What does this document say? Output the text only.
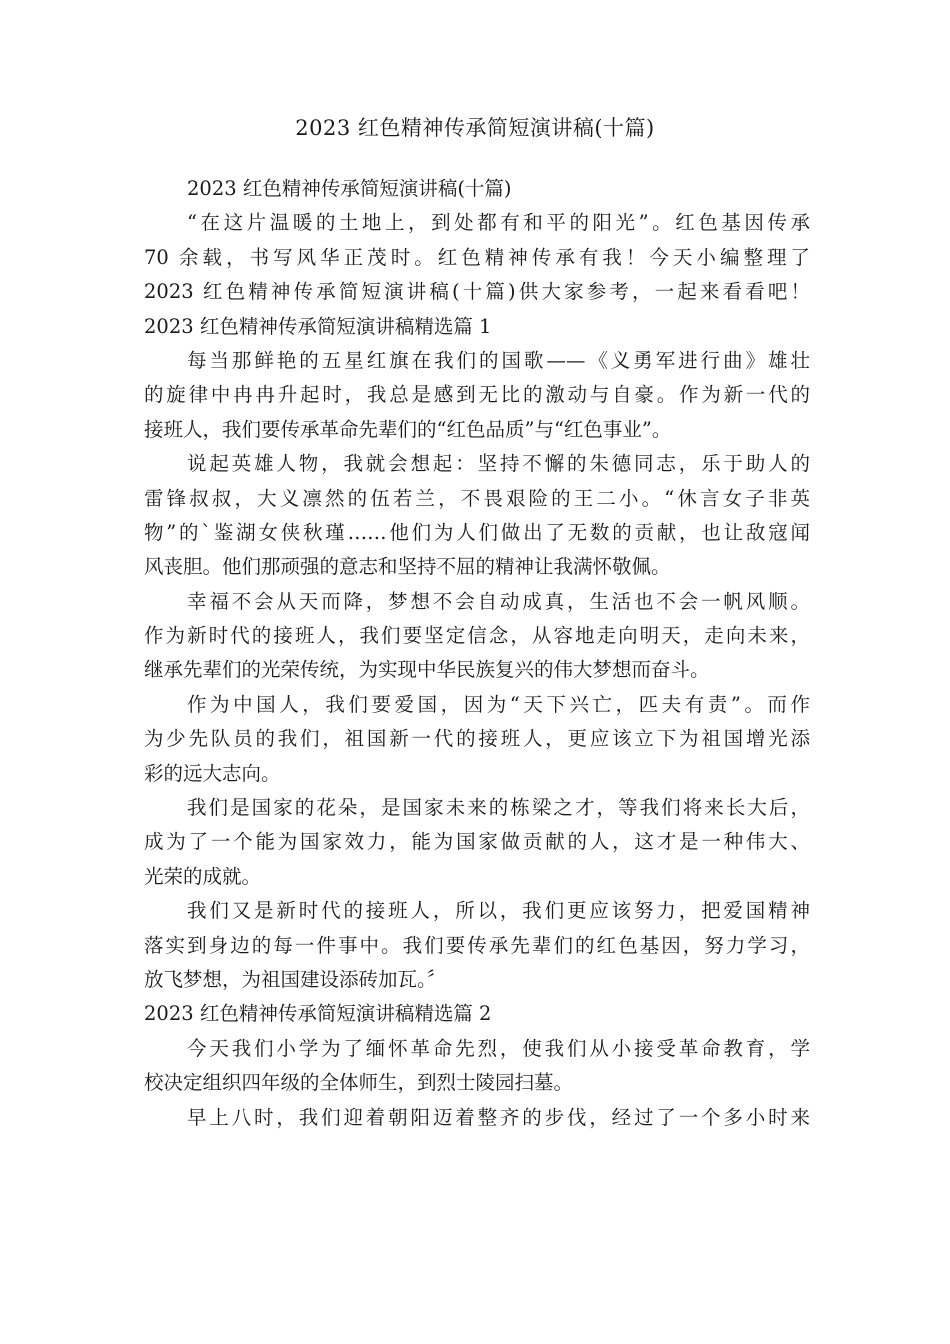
2023 红色精神传承简短演讲稿(十篇)
2023 红色精神传承简短演讲稿(十篇)
“在这片温暖的土地上，到处都有和平的阳光”。红色基因传承
70 余载，书写风华正茂时。红色精神传承有我！今天小编整理了
2023 红色精神传承简短演讲稿(十篇)供大家参考，一起来看看吧！
2023 红色精神传承简短演讲稿精选篇 1
每当那鲜艳的五星红旗在我们的国歌——《义勇军进行曲》雄壮
的旋律中冉冉升起时，我总是感到无比的激动与自豪。作为新一代的
接班人，我们要传承革命先辈们的“红色品质”与“红色事业”。
说起英雄人物，我就会想起：坚持不懈的朱德同志，乐于助人的
雷锋叔叔，大义凛然的伍若兰，不畏艰险的王二小。“休言女子非英
物”的`鉴湖女侠秋瑾……他们为人们做出了无数的贡献，也让敌寇闻
风丧胆。他们那顽强的意志和坚持不屈的精神让我满怀敬佩。
幸福不会从天而降，梦想不会自动成真，生活也不会一帆风顺。
作为新时代的接班人，我们要坚定信念，从容地走向明天，走向未来，
继承先辈们的光荣传统，为实现中华民族复兴的伟大梦想而奋斗。
作为中国人，我们要爱国，因为“天下兴亡，匹夫有责”。而作
为少先队员的我们，祖国新一代的接班人，更应该立下为祖国增光添
彩的远大志向。
我们是国家的花朵，是国家未来的栋梁之才，等我们将来长大后，
成为了一个能为国家效力，能为国家做贡献的人，这才是一种伟大、
光荣的成就。
我们又是新时代的接班人，所以，我们更应该努力，把爱国精神
落实到身边的每一件事中。我们要传承先辈们的红色基因，努力学习，
放飞梦想，为祖国建设添砖加瓦。〞
2023 红色精神传承简短演讲稿精选篇 2
今天我们小学为了缅怀革命先烈，使我们从小接受革命教育，学
校决定组织四年级的全体师生，到烈士陵园扫墓。
早上八时，我们迎着朝阳迈着整齐的步伐，经过了一个多小时来
